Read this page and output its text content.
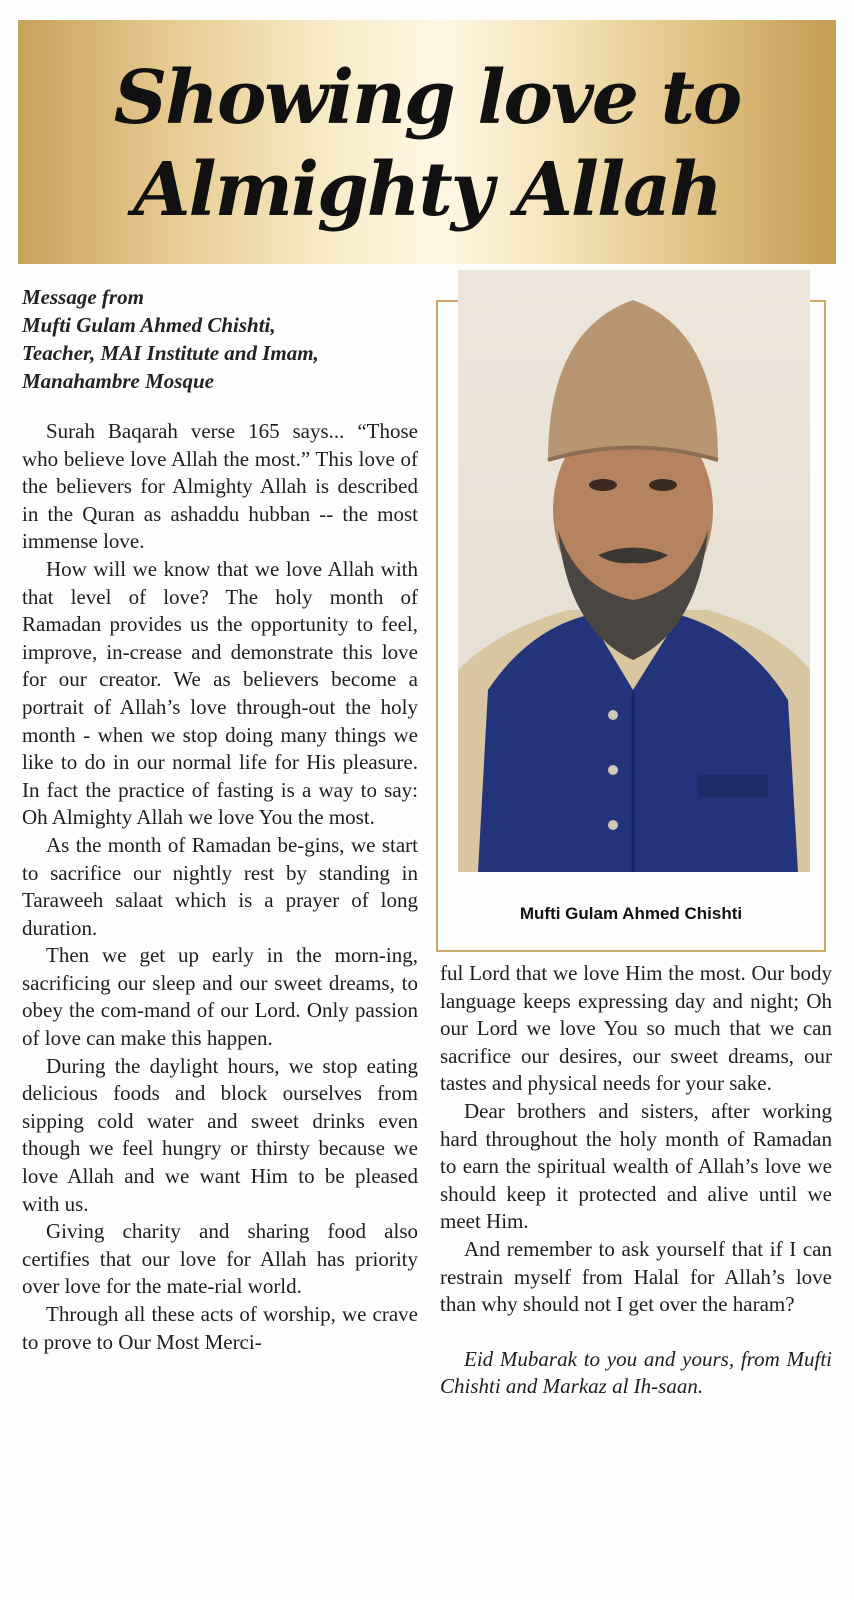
Showing love to
Almighty Allah
Message from
Mufti Gulam Ahmed Chishti,
Teacher, MAI Institute and Imam,
Manahambre Mosque

Surah Baqarah verse 165 says... “Those who believe love Allah the most.” This love of the believers for Almighty Allah is described in the Quran as ashaddu hubban -- the most immense love.

How will we know that we love Allah with that level of love? The holy month of Ramadan provides us the opportunity to feel, improve, in-crease and demonstrate this love for our creator. We as believers become a portrait of Allah’s love through-out the holy month - when we stop doing many things we like to do in our normal life for His pleasure. In fact the practice of fasting is a way to say: Oh Almighty Allah we love You the most.

As the month of Ramadan be-gins, we start to sacrifice our nightly rest by standing in Taraweeh salaat which is a prayer of long duration.

Then we get up early in the morn-ing, sacrificing our sleep and our sweet dreams, to obey the com-mand of our Lord. Only passion of love can make this happen.

During the daylight hours, we stop eating delicious foods and block ourselves from sipping cold water and sweet drinks even though we feel hungry or thirsty because we love Allah and we want Him to be pleased with us.

Giving charity and sharing food also certifies that our love for Allah has priority over love for the mate-rial world.

Through all these acts of worship, we crave to prove to Our Most Merci-

Mufti Gulam Ahmed Chishti

ful Lord that we love Him the most. Our body language keeps expressing day and night; Oh our Lord we love You so much that we can sacrifice our desires, our sweet dreams, our tastes and physical needs for your sake.

Dear brothers and sisters, after working hard throughout the holy month of Ramadan to earn the spiritual wealth of Allah’s love we should keep it protected and alive until we meet Him.

And remember to ask yourself that if I can restrain myself from Halal for Allah’s love than why should not I get over the haram?

Eid Mubarak to you and yours, from Mufti Chishti and Markaz al Ih-saan.
